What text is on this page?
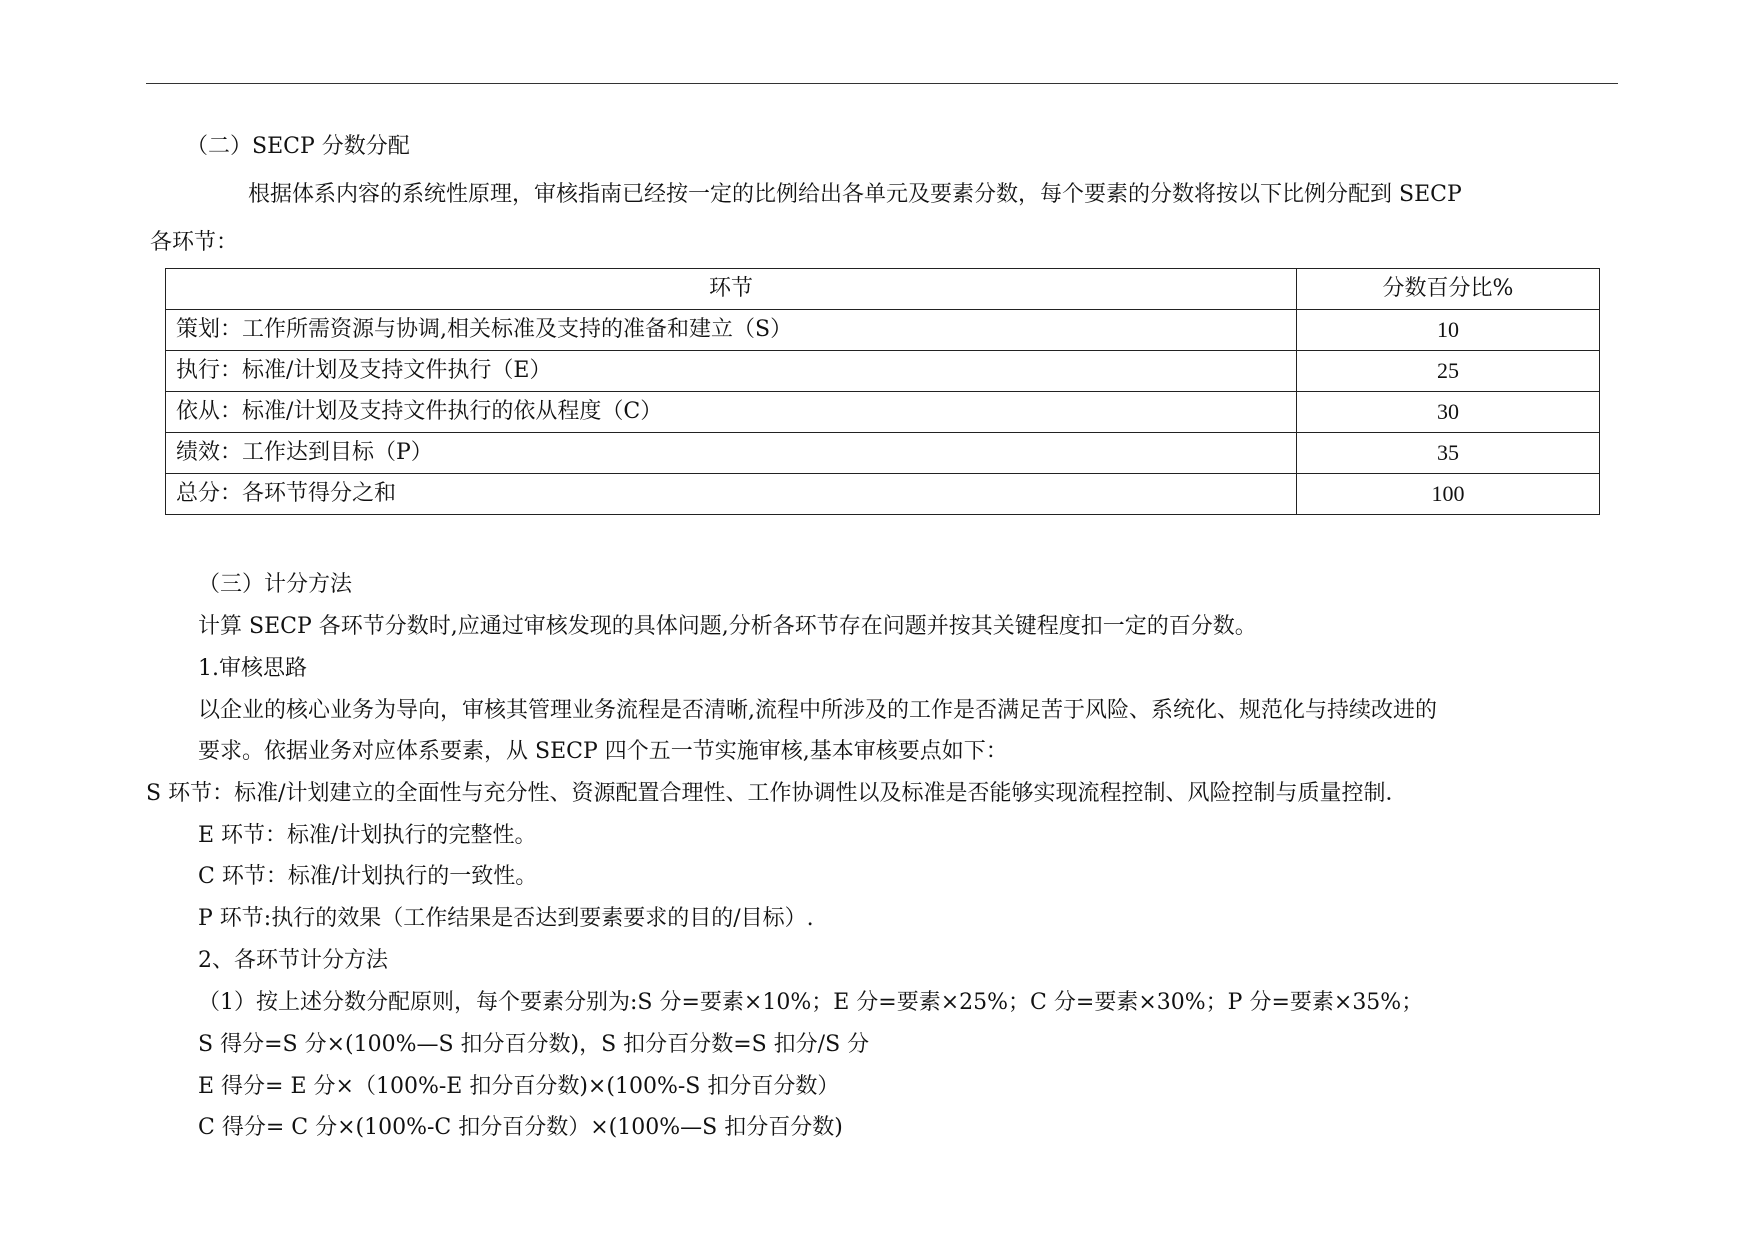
（二）SECP 分数分配
根据体系内容的系统性原理，审核指南已经按一定的比例给出各单元及要素分数，每个要素的分数将按以下比例分配到 SECP
各环节：
环节	分数百分比%
策划：工作所需资源与协调,相关标准及支持的准备和建立（S）	10
执行：标准/计划及支持文件执行（E）	25
依从：标准/计划及支持文件执行的依从程度（C）	30
绩效：工作达到目标（P）	35
总分：各环节得分之和	100
（三）计分方法
计算 SECP 各环节分数时,应通过审核发现的具体问题,分析各环节存在问题并按其关键程度扣一定的百分数。
1.审核思路
以企业的核心业务为导向，审核其管理业务流程是否清晰,流程中所涉及的工作是否满足苦于风险、系统化、规范化与持续改进的
要求。依据业务对应体系要素，从 SECP 四个五一节实施审核,基本审核要点如下：
S 环节：标准/计划建立的全面性与充分性、资源配置合理性、工作协调性以及标准是否能够实现流程控制、风险控制与质量控制．
E 环节：标准/计划执行的完整性。
C 环节：标准/计划执行的一致性。
P 环节:执行的效果（工作结果是否达到要素要求的目的/目标）.
2、各环节计分方法
（1）按上述分数分配原则，每个要素分别为:S 分=要素×10%；E 分=要素×25%；C 分=要素×30%；P 分=要素×35%；
S 得分=S 分×(100%—S 扣分百分数)，S 扣分百分数=S 扣分/S 分
E 得分= E 分×（100%-E 扣分百分数)×(100%-S 扣分百分数）
C 得分= C 分×(100%-C 扣分百分数）×(100%—S 扣分百分数)
